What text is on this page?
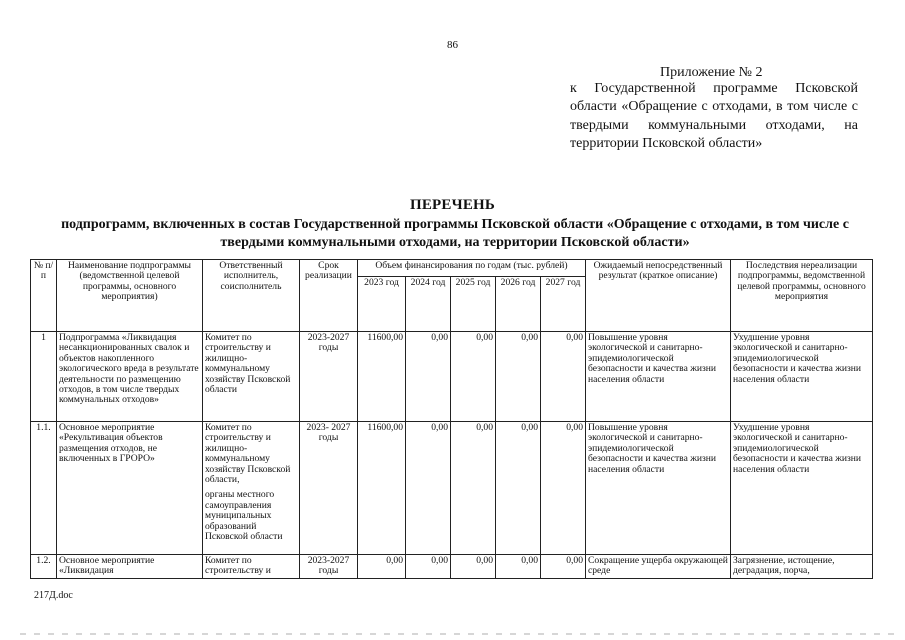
86
Приложение № 2
к Государственной программе Псковской области «Обращение с отходами, в том числе с твердыми коммунальными отходами, на территории Псковской области»
ПЕРЕЧЕНЬ
подпрограмм, включенных в состав Государственной программы Псковской области «Обращение с отходами, в том числе с твердыми коммунальными отходами, на территории Псковской области»
№ п/п	Наименование подпрограммы (ведомственной целевой программы, основного мероприятия)	Ответственный исполнитель, соисполнитель	Срок реализации	Объем финансирования по годам (тыс. рублей)					Ожидаемый непосредственный результат (краткое описание)	Последствия нереализации подпрограммы, ведомственной целевой программы, основного мероприятия
				2023 год	2024 год	2025 год	2026 год	2027 год		
1	Подпрограмма «Ликвидация несанкционированных свалок и объектов накопленного экологического вреда в результате деятельности по размещению отходов, в том числе твердых коммунальных отходов»	Комитет по строительству и жилищно-коммунальному хозяйству Псковской области	2023-2027 годы	11600,00	0,00	0,00	0,00	0,00	Повышение уровня экологической и санитарно-эпидемиологической безопасности и качества жизни населения области	Ухудшение уровня экологической и санитарно-эпидемиологической безопасности и качества жизни населения области
1.1.	Основное мероприятие «Рекультивация объектов размещения отходов, не включенных в ГРОРО»	Комитет по строительству и жилищно-коммунальному хозяйству Псковской области,
органы местного самоуправления муниципальных образований Псковской области	2023- 2027 годы	11600,00	0,00	0,00	0,00	0,00	Повышение уровня экологической и санитарно-эпидемиологической безопасности и качества жизни населения области	Ухудшение уровня экологической и санитарно-эпидемиологической безопасности и качества жизни населения области
1.2.	Основное мероприятие «Ликвидация	Комитет по строительству и	2023-2027 годы	0,00	0,00	0,00	0,00	0,00	Сокращение ущерба окружающей среде	Загрязнение, истощение, деградация, порча,
217Д.doc
